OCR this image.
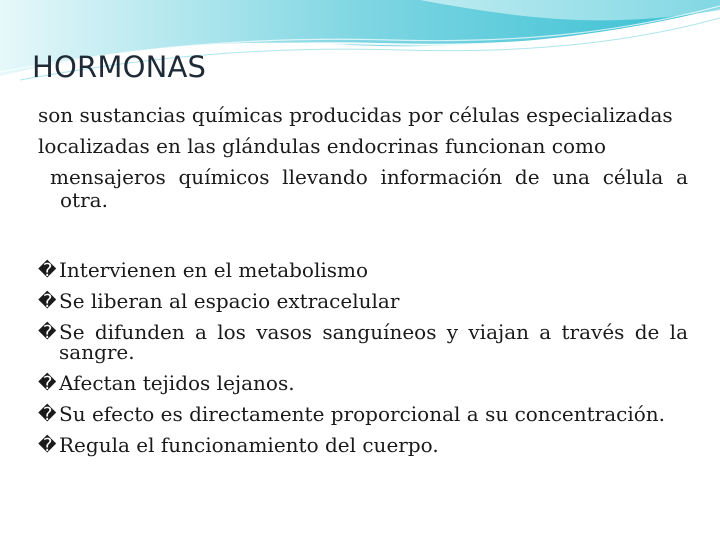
HORMONAS
son sustancias químicas producidas por células especializadas
localizadas en las glándulas endocrinas funcionan como
mensajeros químicos llevando información de una célula a
otra.
� Intervienen en el metabolismo
� Se liberan al espacio extracelular
� Se difunden a los vasos sanguíneos y viajan a través de la
sangre.
� Afectan tejidos lejanos.
� Su efecto es directamente proporcional a su concentración.
� Regula el funcionamiento del cuerpo.
